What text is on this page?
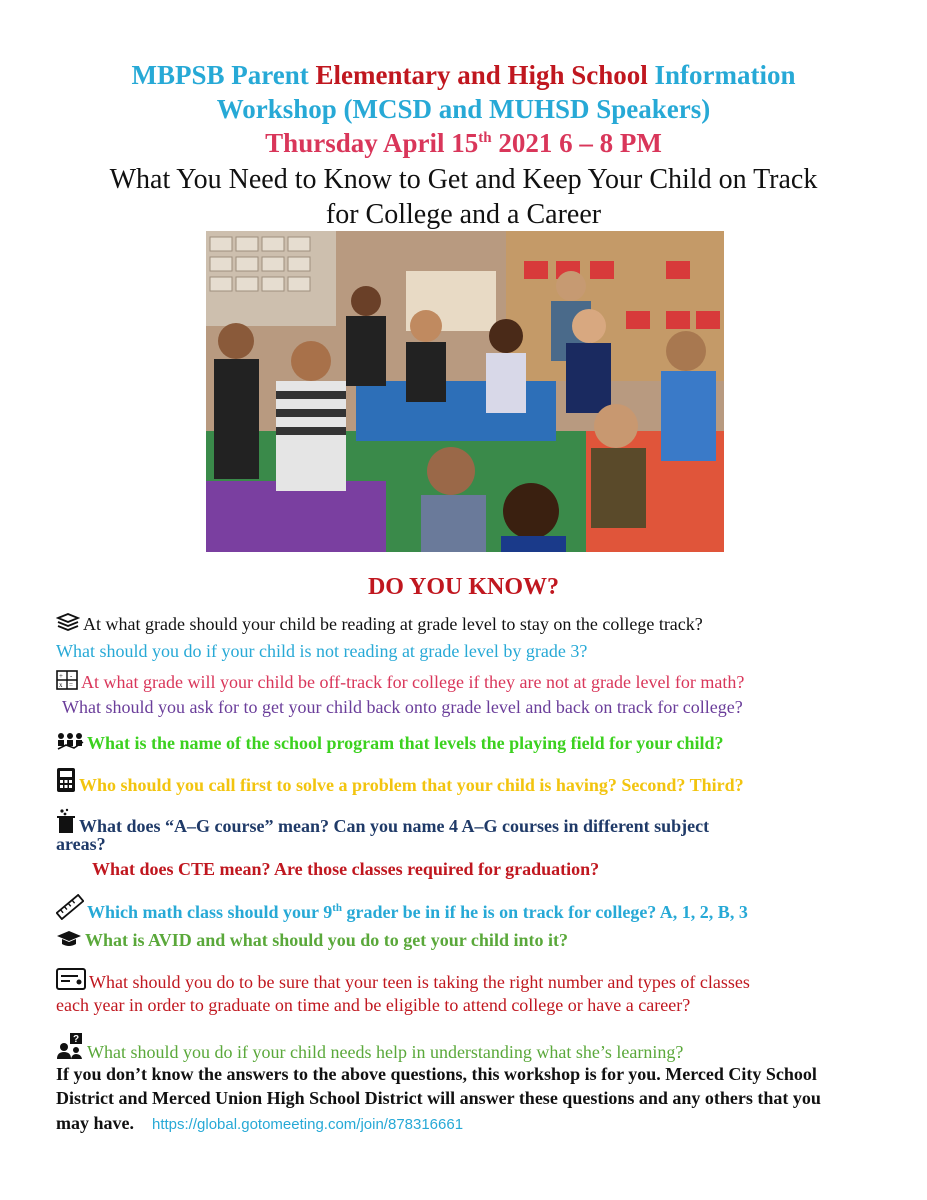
MBPSB Parent Elementary and High School Information
Workshop (MCSD and MUHSD Speakers)
Thursday April 15th 2021 6 – 8 PM
What You Need to Know to Get and Keep Your Child on Track
for College and a Career
DO YOU KNOW?
At what grade should your child be reading at grade level to stay on the college track?
What should you do if your child is not reading at grade level by grade 3?
+ -
x = At what grade will your child be off-track for college if they are not at grade level for math?
What should you ask for to get your child back onto grade level and back on track for college?
What is the name of the school program that levels the playing field for your child?
Who should you call first to solve a problem that your child is having? Second? Third?
What does “A–G course” mean? Can you name 4 A–G courses in different subject
areas?
What does CTE mean? Are those classes required for graduation?
Which math class should your 9th grader be in if he is on track for college? A, 1, 2, B, 3
What is AVID and what should you do to get your child into it?
What should you do to be sure that your teen is taking the right number and types of classes
each year in order to graduate on time and be eligible to attend college or have a career?
?
What should you do if your child needs help in understanding what she’s learning?
If you don’t know the answers to the above questions, this workshop is for you. Merced City School District and Merced Union High School District will answer these questions and any others that you may have. https://global.gotomeeting.com/join/878316661
